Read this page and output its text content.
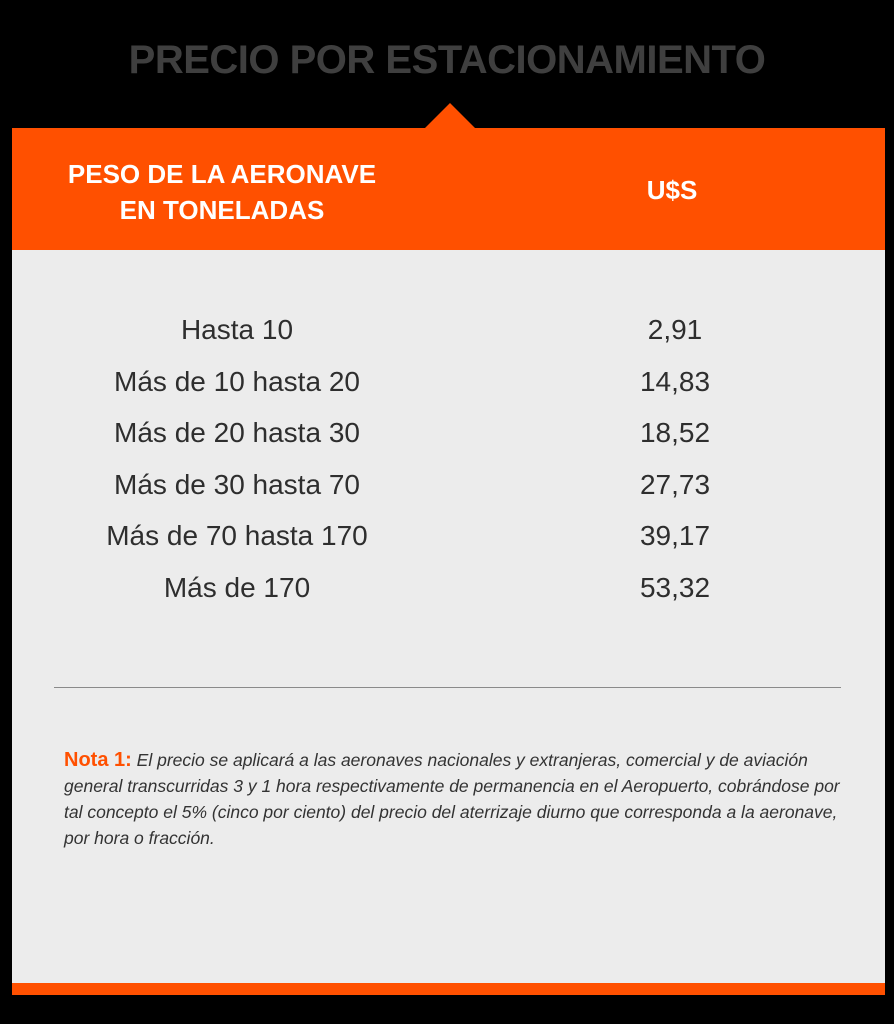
PRECIO POR ESTACIONAMIENTO
PESO DE LA AERONAVE
EN TONELADAS
U$S
Hasta 10	2,91
Más de 10 hasta 20	14,83
Más de 20 hasta 30	18,52
Más de 30 hasta 70	27,73
Más de 70 hasta 170	39,17
Más de 170	53,32
Nota 1: El precio se aplicará a las aeronaves nacionales y extranjeras, comercial y de aviación general transcurridas 3 y 1 hora respectivamente de permanencia en el Aeropuerto, cobrándose por tal concepto el 5% (cinco por ciento) del precio del aterrizaje diurno que corresponda a la aeronave, por hora o fracción.
